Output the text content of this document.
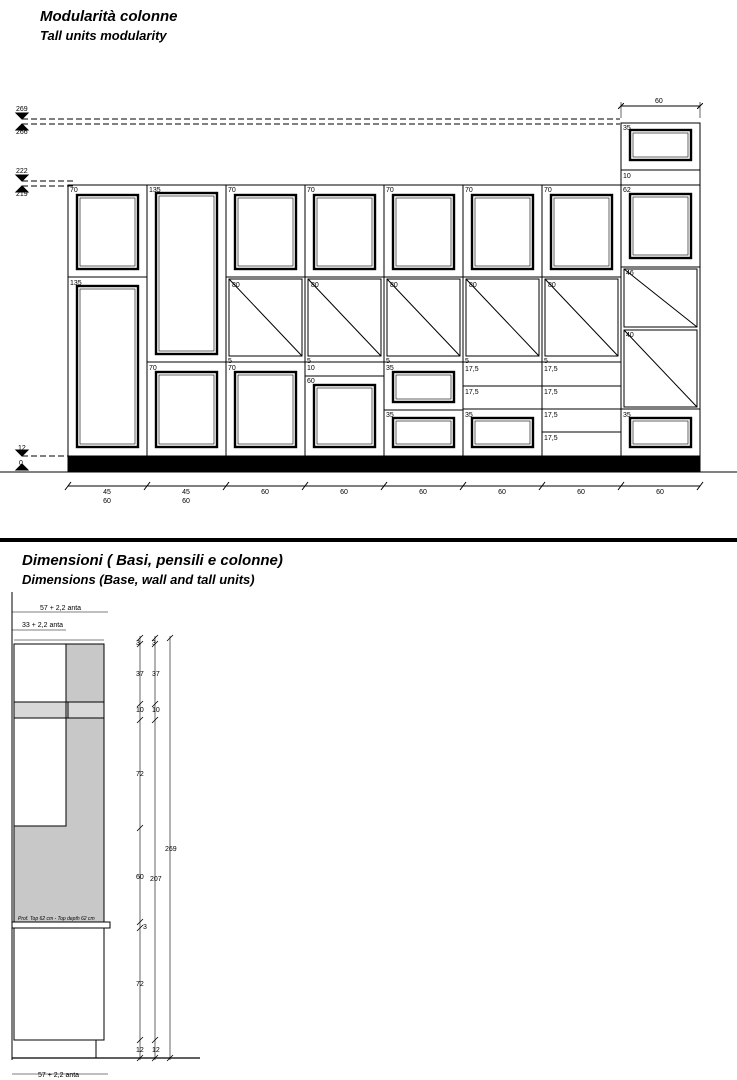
Modularità colonne
Tall units modularity
Dimensioni ( Basi, pensili e colonne)
Dimensions (Base, wall and tall units)
269
266
222
219
12
0
60
45
60
45
60
60	60	60	60	60	60
70	135
135
70
70	70	70	70	70
35
10
62
46
40
70
5	5
10
60
5
35
35
5
17,5
17,5
35
5
17,5
17,5
17,5
17,5
35
80	80	80	80	80
57 + 2,2 anta
33 + 2,2 anta
57 + 2,2 anta
Prof. Top 62 cm - Top depth 62 cm
3
37
10
72
60
3
72
12
3
37
10
207
12
269
